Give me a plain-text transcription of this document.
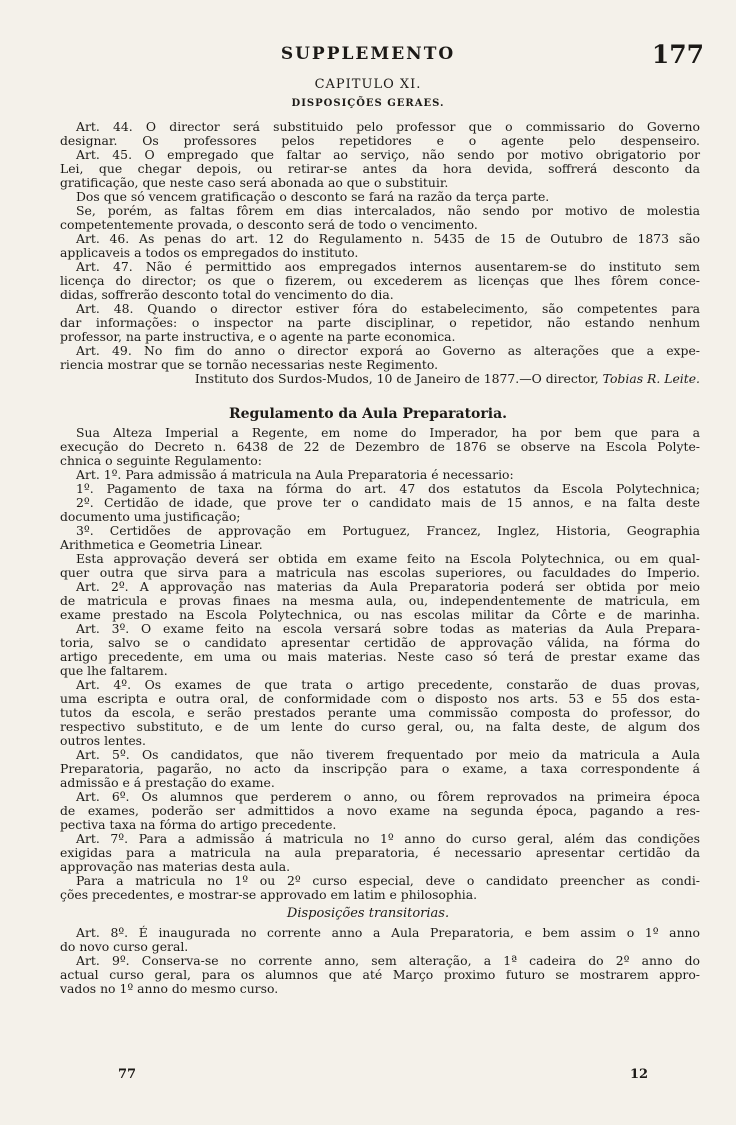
SUPPLEMENTO	177
CAPITULO XI.
DISPOSIÇÕES GERAES.
Art. 44. O director será substituido pelo professor que o commissario do Governo
designar. Os professores pelos repetidores e o agente pelo despenseiro.
Art. 45. O empregado que faltar ao serviço, não sendo por motivo obrigatorio por
Lei, que chegar depois, ou retirar-se antes da hora devida, soffrerá desconto da
gratificação, que neste caso será abonada ao que o substituir.
Dos que só vencem gratificação o desconto se fará na razão da terça parte.
Se, porém, as faltas fôrem em dias intercalados, não sendo por motivo de molestia
competentemente provada, o desconto será de todo o vencimento.
Art. 46. As penas do art. 12 do Regulamento n. 5435 de 15 de Outubro de 1873 são
applicaveis a todos os empregados do instituto.
Art. 47. Não é permittido aos empregados internos ausentarem-se do instituto sem
licença do director; os que o fizerem, ou excederem as licenças que lhes fôrem conce-
didas, soffrerão desconto total do vencimento do dia.
Art. 48. Quando o director estiver fóra do estabelecimento, são competentes para
dar informações: o inspector na parte disciplinar, o repetidor, não estando nenhum
professor, na parte instructiva, e o agente na parte economica.
Art. 49. No fim do anno o director exporá ao Governo as alterações que a expe-
riencia mostrar que se tornão necessarias neste Regimento.
Instituto dos Surdos-Mudos, 10 de Janeiro de 1877.—O director, Tobias R. Leite.
Regulamento da Aula Preparatoria.
Sua Alteza Imperial a Regente, em nome do Imperador, ha por bem que para a
execução do Decreto n. 6438 de 22 de Dezembro de 1876 se observe na Escola Polyte-
chnica o seguinte Regulamento:
Art. 1º. Para admissão á matricula na Aula Preparatoria é necessario:
1º. Pagamento de taxa na fórma do art. 47 dos estatutos da Escola Polytechnica;
2º. Certidão de idade, que prove ter o candidato mais de 15 annos, e na falta deste
documento uma justificação;
3º. Certidões de approvação em Portuguez, Francez, Inglez, Historia, Geographia
Arithmetica e Geometria Linear.
Esta approvação deverá ser obtida em exame feito na Escola Polytechnica, ou em qual-
quer outra que sirva para a matricula nas escolas superiores, ou faculdades do Imperio.
Art. 2º. A approvação nas materias da Aula Preparatoria poderá ser obtida por meio
de matricula e provas finaes na mesma aula, ou, independentemente de matricula, em
exame prestado na Escola Polytechnica, ou nas escolas militar da Côrte e de marinha.
Art. 3º. O exame feito na escola versará sobre todas as materias da Aula Prepara-
toria, salvo se o candidato apresentar certidão de approvação válida, na fórma do
artigo precedente, em uma ou mais materias. Neste caso só terá de prestar exame das
que lhe faltarem.
Art. 4º. Os exames de que trata o artigo precedente, constarão de duas provas,
uma escripta e outra oral, de conformidade com o disposto nos arts. 53 e 55 dos esta-
tutos da escola, e serão prestados perante uma commissão composta do professor, do
respectivo substituto, e de um lente do curso geral, ou, na falta deste, de algum dos
outros lentes.
Art. 5º. Os candidatos, que não tiverem frequentado por meio da matricula a Aula
Preparatoria, pagarão, no acto da inscripção para o exame, a taxa correspondente á
admissão e á prestação do exame.
Art. 6º. Os alumnos que perderem o anno, ou fôrem reprovados na primeira época
de exames, poderão ser admittidos a novo exame na segunda época, pagando a res-
pectiva taxa na fórma do artigo precedente.
Art. 7º. Para a admissão á matricula no 1º anno do curso geral, além das condições
exigidas para a matricula na aula preparatoria, é necessario apresentar certidão da
approvação nas materias desta aula.
Para a matricula no 1º ou 2º curso especial, deve o candidato preencher as condi-
ções precedentes, e mostrar-se approvado em latim e philosophia.
Disposições transitorias.
Art. 8º. É inaugurada no corrente anno a Aula Preparatoria, e bem assim o 1º anno
do novo curso geral.
Art. 9º. Conserva-se no corrente anno, sem alteração, a 1ª cadeira do 2º anno do
actual curso geral, para os alumnos que até Março proximo futuro se mostrarem appro-
vados no 1º anno do mesmo curso.
77	12
